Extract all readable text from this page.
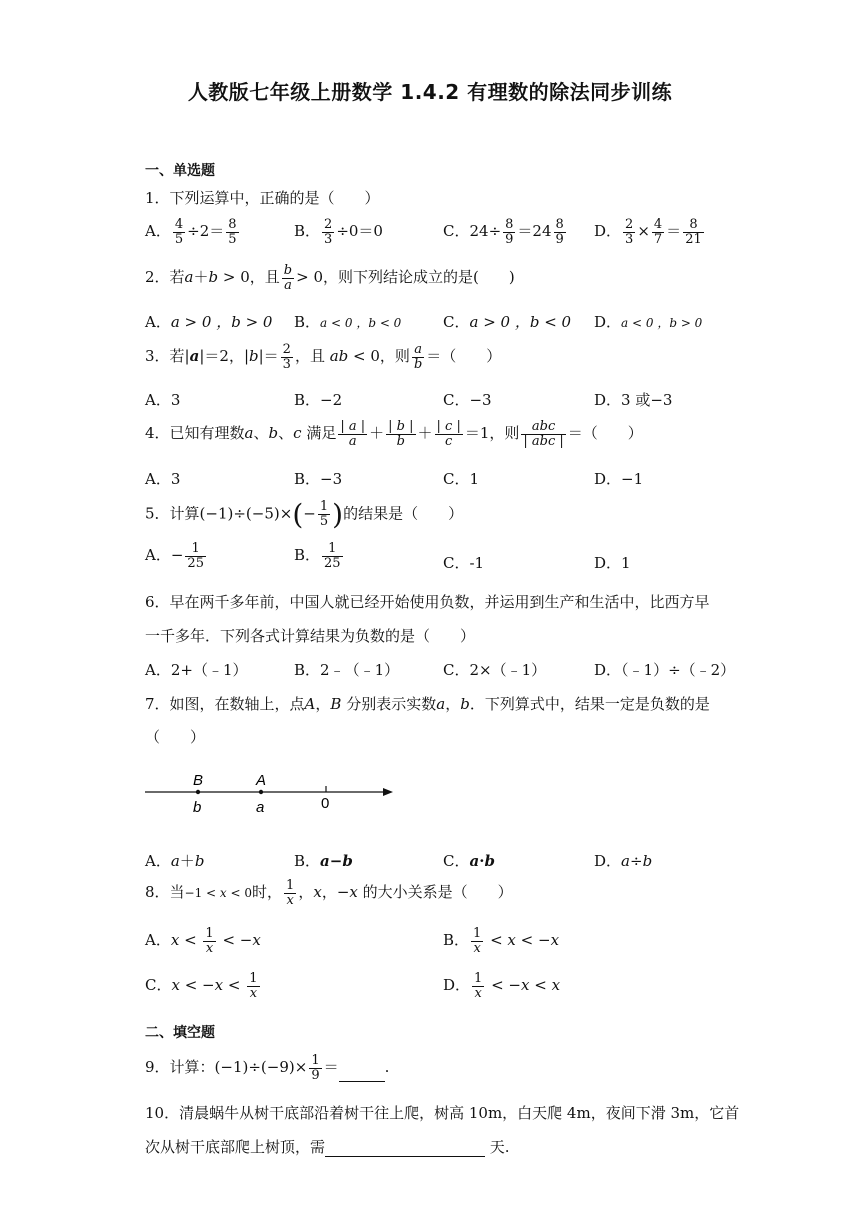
人教版七年级上册数学 1.4.2 有理数的除法同步训练
一、单选题
1．下列运算中，正确的是（　　）
A． $\frac{4}{5} \div 2= \frac{8}{5}$	B． $\frac{2}{3} \div 0=0$	C．$24\div \frac{8}{9} =24 \frac{8}{9}$ D． $\frac{2}{3} \times \frac{4}{7} = \frac{8}{21}$
2．若a＋b > 0，且 $\frac{b}{a} > 0$，则下列结论成立的是(　　)
A．a > 0 ，b > 0 B．a < 0 ，b < 0	C．a > 0 ，b < 0 D．a < 0 ，b > 0
3．若|a|＝2，$|b|= \frac{2}{3}$ ，且 ab < 0，则 $\frac{a}{b}$ ＝（　　）
A．3	B．−2	C．−3	D．3 或−3
4．已知有理数a、b、c 满足 $\frac{| a |}{a} + \frac{| b |}{b} + \frac{| c |}{c} =1$，则 $\frac{\text{abc}}{\text{| abc |}}$ ＝（　　）
A．3	B．−3	C．1	D．−1
5．计算$(-1)\div(-5)\times(- \frac{1}{5}$ )的结果是（　　）
A．− $\frac{1}{25}$	B． $\frac{1}{25}$	C．-1	D．1
6．早在两千多年前，中国人就已经开始使用负数，并运用到生产和生活中，比西方早
一千多年．下列各式计算结果为负数的是（　　）
A．2+（﹣1）	B．2﹣（﹣1）	C．2×（﹣1）	D．（﹣1）÷（﹣2）
7．如图，在数轴上，点A，B 分别表示实数a，b．下列算式中，结果一定是负数的是
（　　）
B	A
b	a	0
A．a＋b	B．a−b	C．a·b	D．a÷b
8．当−1 < x < 0时， $\frac{1}{x}$ ，x，−x 的大小关系是（　　）
A．$x < \frac{1}{x} < -x$	B． $\frac{1}{x} < x < -x$
C．$x < -x < \frac{1}{x}$	D． $\frac{1}{x} < -x < x$
二、填空题
9．计算：$(-1)\div(-9)\times \frac{1}{9}$ ＝	.
10．清晨蜗牛从树干底部沿着树干往上爬，树高 10m，白天爬 4m，夜间下滑 3m，它首
次从树干底部爬上树顶，需	天.
